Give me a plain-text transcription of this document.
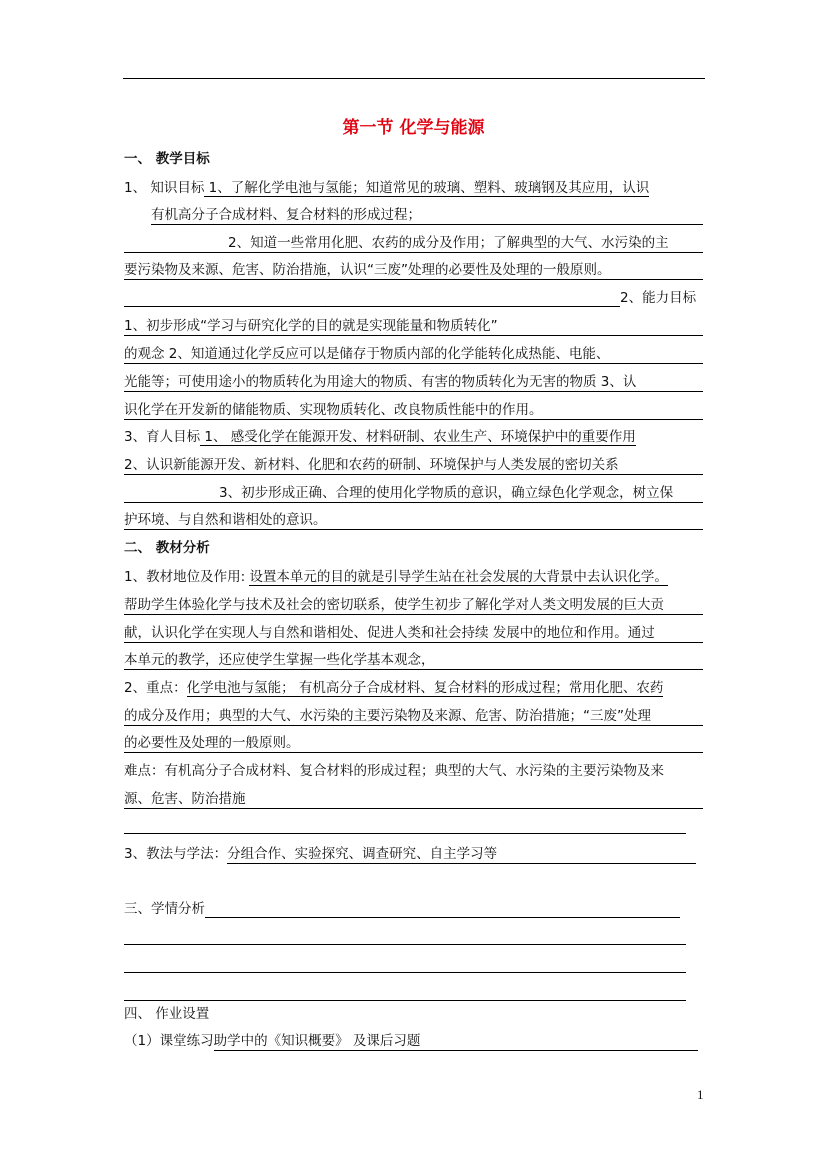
第一节 化学与能源
一、 教学目标
1、 知识目标 1、了解化学电池与氢能；知道常见的玻璃、塑料、玻璃钢及其应用，认识
有机高分子合成材料、复合材料的形成过程；
2、知道一些常用化肥、农药的成分及作用；了解典型的大气、水污染的主
要污染物及来源、危害、防治措施，认识“三废”处理的必要性及处理的一般原则。
2、能力目标
1、初步形成“学习与研究化学的目的就是实现能量和物质转化”
的观念 2、知道通过化学反应可以是储存于物质内部的化学能转化成热能、电能、
光能等；可使用途小的物质转化为用途大的物质、有害的物质转化为无害的物质 3、认
识化学在开发新的储能物质、实现物质转化、改良物质性能中的作用。
3、育人目标 1、 感受化学在能源开发、材料研制、农业生产、环境保护中的重要作用
2、认识新能源开发、新材料、化肥和农药的研制、环境保护与人类发展的密切关系
3、初步形成正确、合理的使用化学物质的意识，确立绿色化学观念，树立保
护环境、与自然和谐相处的意识。
二、 教材分析
1、教材地位及作用: 设置本单元的目的就是引导学生站在社会发展的大背景中去认识化学。
帮助学生体验化学与技术及社会的密切联系，使学生初步了解化学对人类文明发展的巨大贡
献，认识化学在实现人与自然和谐相处、促进人类和社会持续 发展中的地位和作用。通过
本单元的教学，还应使学生掌握一些化学基本观念，
2、重点：化学电池与氢能； 有机高分子合成材料、复合材料的形成过程；常用化肥、农药
的成分及作用；典型的大气、水污染的主要污染物及来源、危害、防治措施；“三废”处理
的必要性及处理的一般原则。
难点：有机高分子合成材料、复合材料的形成过程；典型的大气、水污染的主要污染物及来
源、危害、防治措施
3、教法与学法：分组合作、实验探究、调查研究、自主学习等
三、学情分析
四、 作业设置
（1）课堂练习助学中的《知识概要》 及课后习题
1
